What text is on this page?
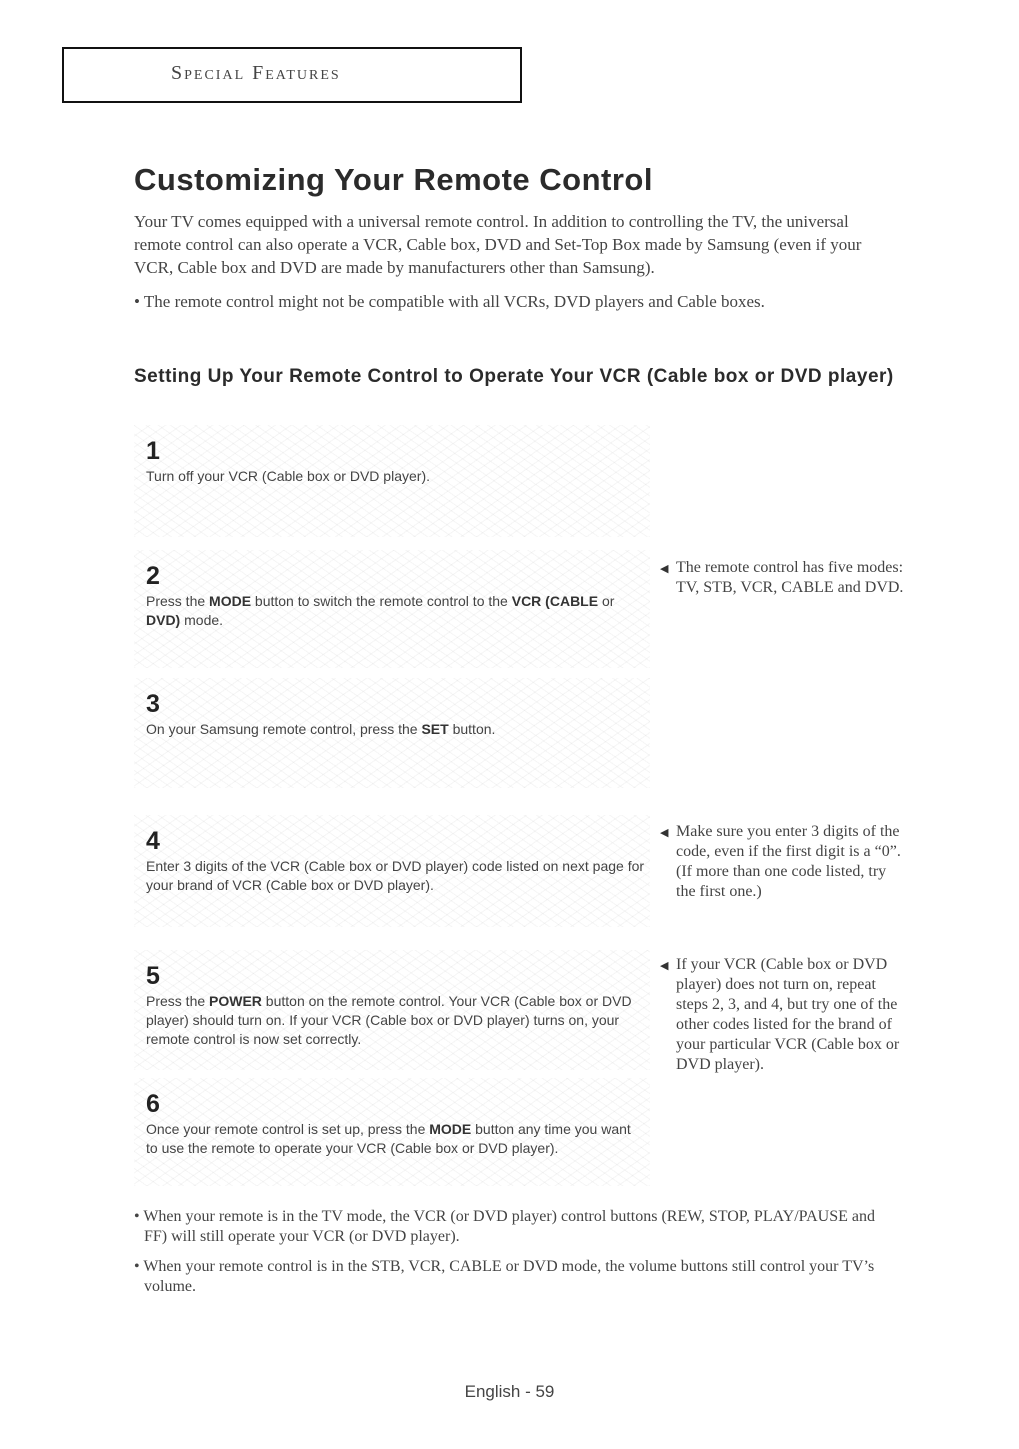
Special Features
Customizing Your Remote Control

Your TV comes equipped with a universal remote control. In addition to controlling the TV, the universal remote control can also operate a VCR, Cable box, DVD and Set-Top Box made by Samsung (even if your VCR, Cable box and DVD are made by manufacturers other than Samsung).

• The remote control might not be compatible with all VCRs, DVD players and Cable boxes.

Setting Up Your Remote Control to Operate Your VCR (Cable box or DVD player)
1
Turn off your VCR (Cable box or DVD player).
2
Press the MODE button to switch the remote control to the VCR (CABLE or DVD) mode.
3
On your Samsung remote control, press the SET button.
4
Enter 3 digits of the VCR (Cable box or DVD player) code listed on next page for your brand of VCR (Cable box or DVD player).
5
Press the POWER button on the remote control. Your VCR (Cable box or DVD player) should turn on. If your VCR (Cable box or DVD player) turns on, your remote control is now set correctly.
6
Once your remote control is set up, press the MODE button any time you want to use the remote to operate your VCR (Cable box or DVD player).
◀ The remote control has five modes: TV, STB, VCR, CABLE and DVD.
◀ Make sure you enter 3 digits of the code, even if the first digit is a “0”. (If more than one code listed, try the first one.)
◀ If your VCR (Cable box or DVD player) does not turn on, repeat steps 2, 3, and 4, but try one of the other codes listed for the brand of your particular VCR (Cable box or DVD player).
• When your remote is in the TV mode, the VCR (or DVD player) control buttons (REW, STOP, PLAY/PAUSE and FF) will still operate your VCR (or DVD player).
• When your remote control is in the STB, VCR, CABLE or DVD mode, the volume buttons still control your TV’s volume.
English - 59
